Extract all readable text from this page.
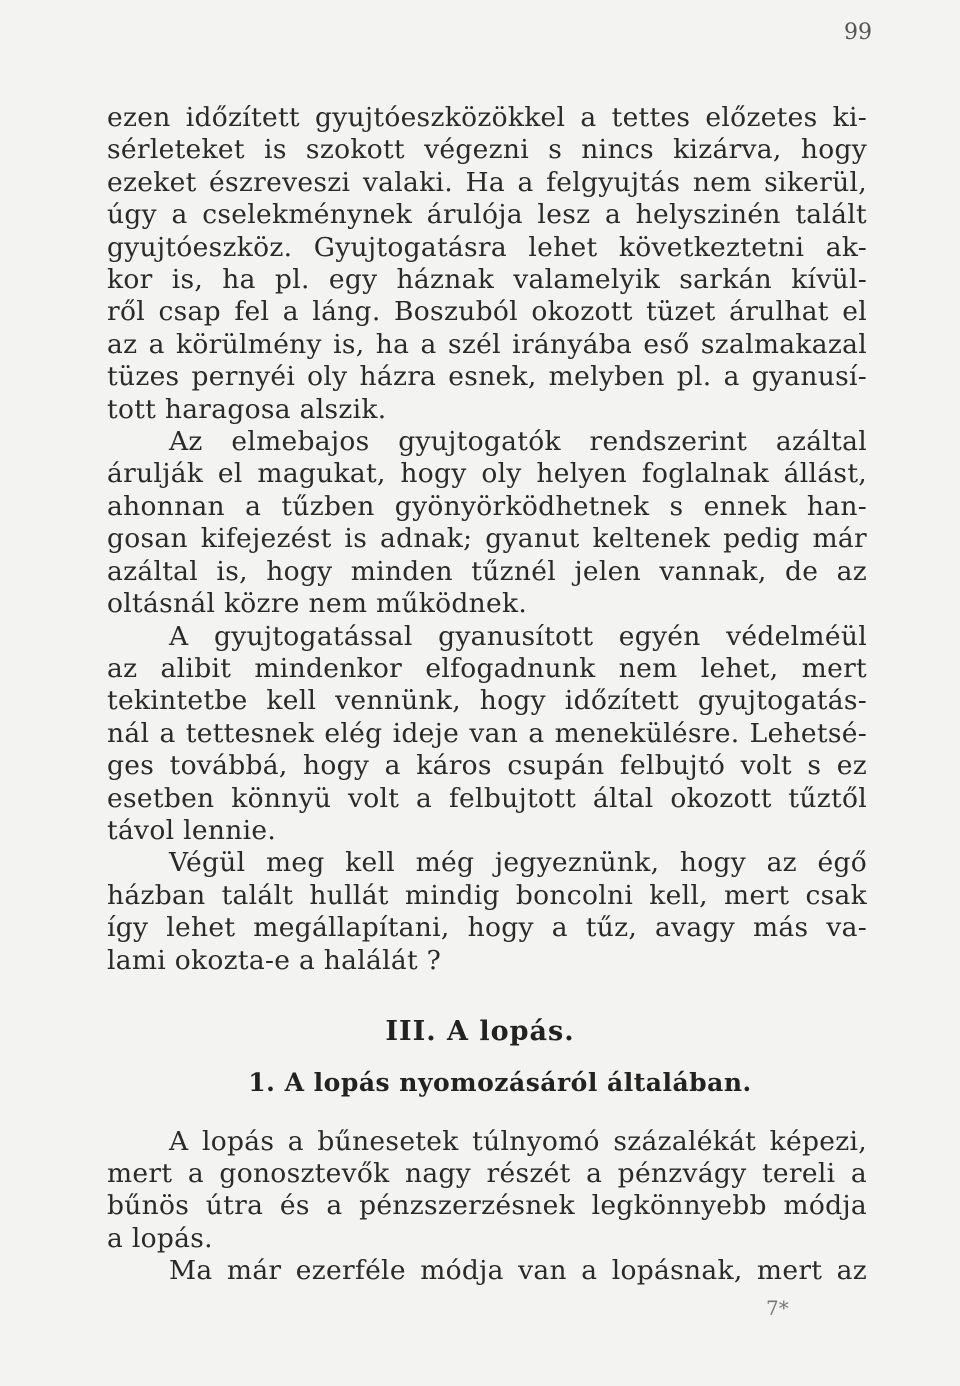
99
ezen időzített gyujtóeszközökkel a tettes előzetes ki-
sérleteket is szokott végezni s nincs kizárva, hogy
ezeket észreveszi valaki. Ha a felgyujtás nem sikerül,
úgy a cselekménynek árulója lesz a helyszinén talált
gyujtóeszköz. Gyujtogatásra lehet következtetni ak-
kor is, ha pl. egy háznak valamelyik sarkán kívül-
ről csap fel a láng. Boszuból okozott tüzet árulhat el
az a körülmény is, ha a szél irányába eső szalmakazal
tüzes pernyéi oly házra esnek, melyben pl. a gyanusí-
tott haragosa alszik.
Az elmebajos gyujtogatók rendszerint azáltal
árulják el magukat, hogy oly helyen foglalnak állást,
ahonnan a tűzben gyönyörködhetnek s ennek han-
gosan kifejezést is adnak; gyanut keltenek pedig már
azáltal is, hogy minden tűznél jelen vannak, de az
oltásnál közre nem működnek.
A gyujtogatással gyanusított egyén védelméül
az alibit mindenkor elfogadnunk nem lehet, mert
tekintetbe kell vennünk, hogy időzített gyujtogatás-
nál a tettesnek elég ideje van a menekülésre. Lehetsé-
ges továbbá, hogy a káros csupán felbujtó volt s ez
esetben könnyü volt a felbujtott által okozott tűztől
távol lennie.
Végül meg kell még jegyeznünk, hogy az égő
házban talált hullát mindig boncolni kell, mert csak
így lehet megállapítani, hogy a tűz, avagy más va-
lami okozta-e a halálát ?
III. A lopás.
1. A lopás nyomozásáról általában.
A lopás a bűnesetek túlnyomó százalékát képezi,
mert a gonosztevők nagy részét a pénzvágy tereli a
bűnös útra és a pénzszerzésnek legkönnyebb módja
a lopás.
Ma már ezerféle módja van a lopásnak, mert az
7*
